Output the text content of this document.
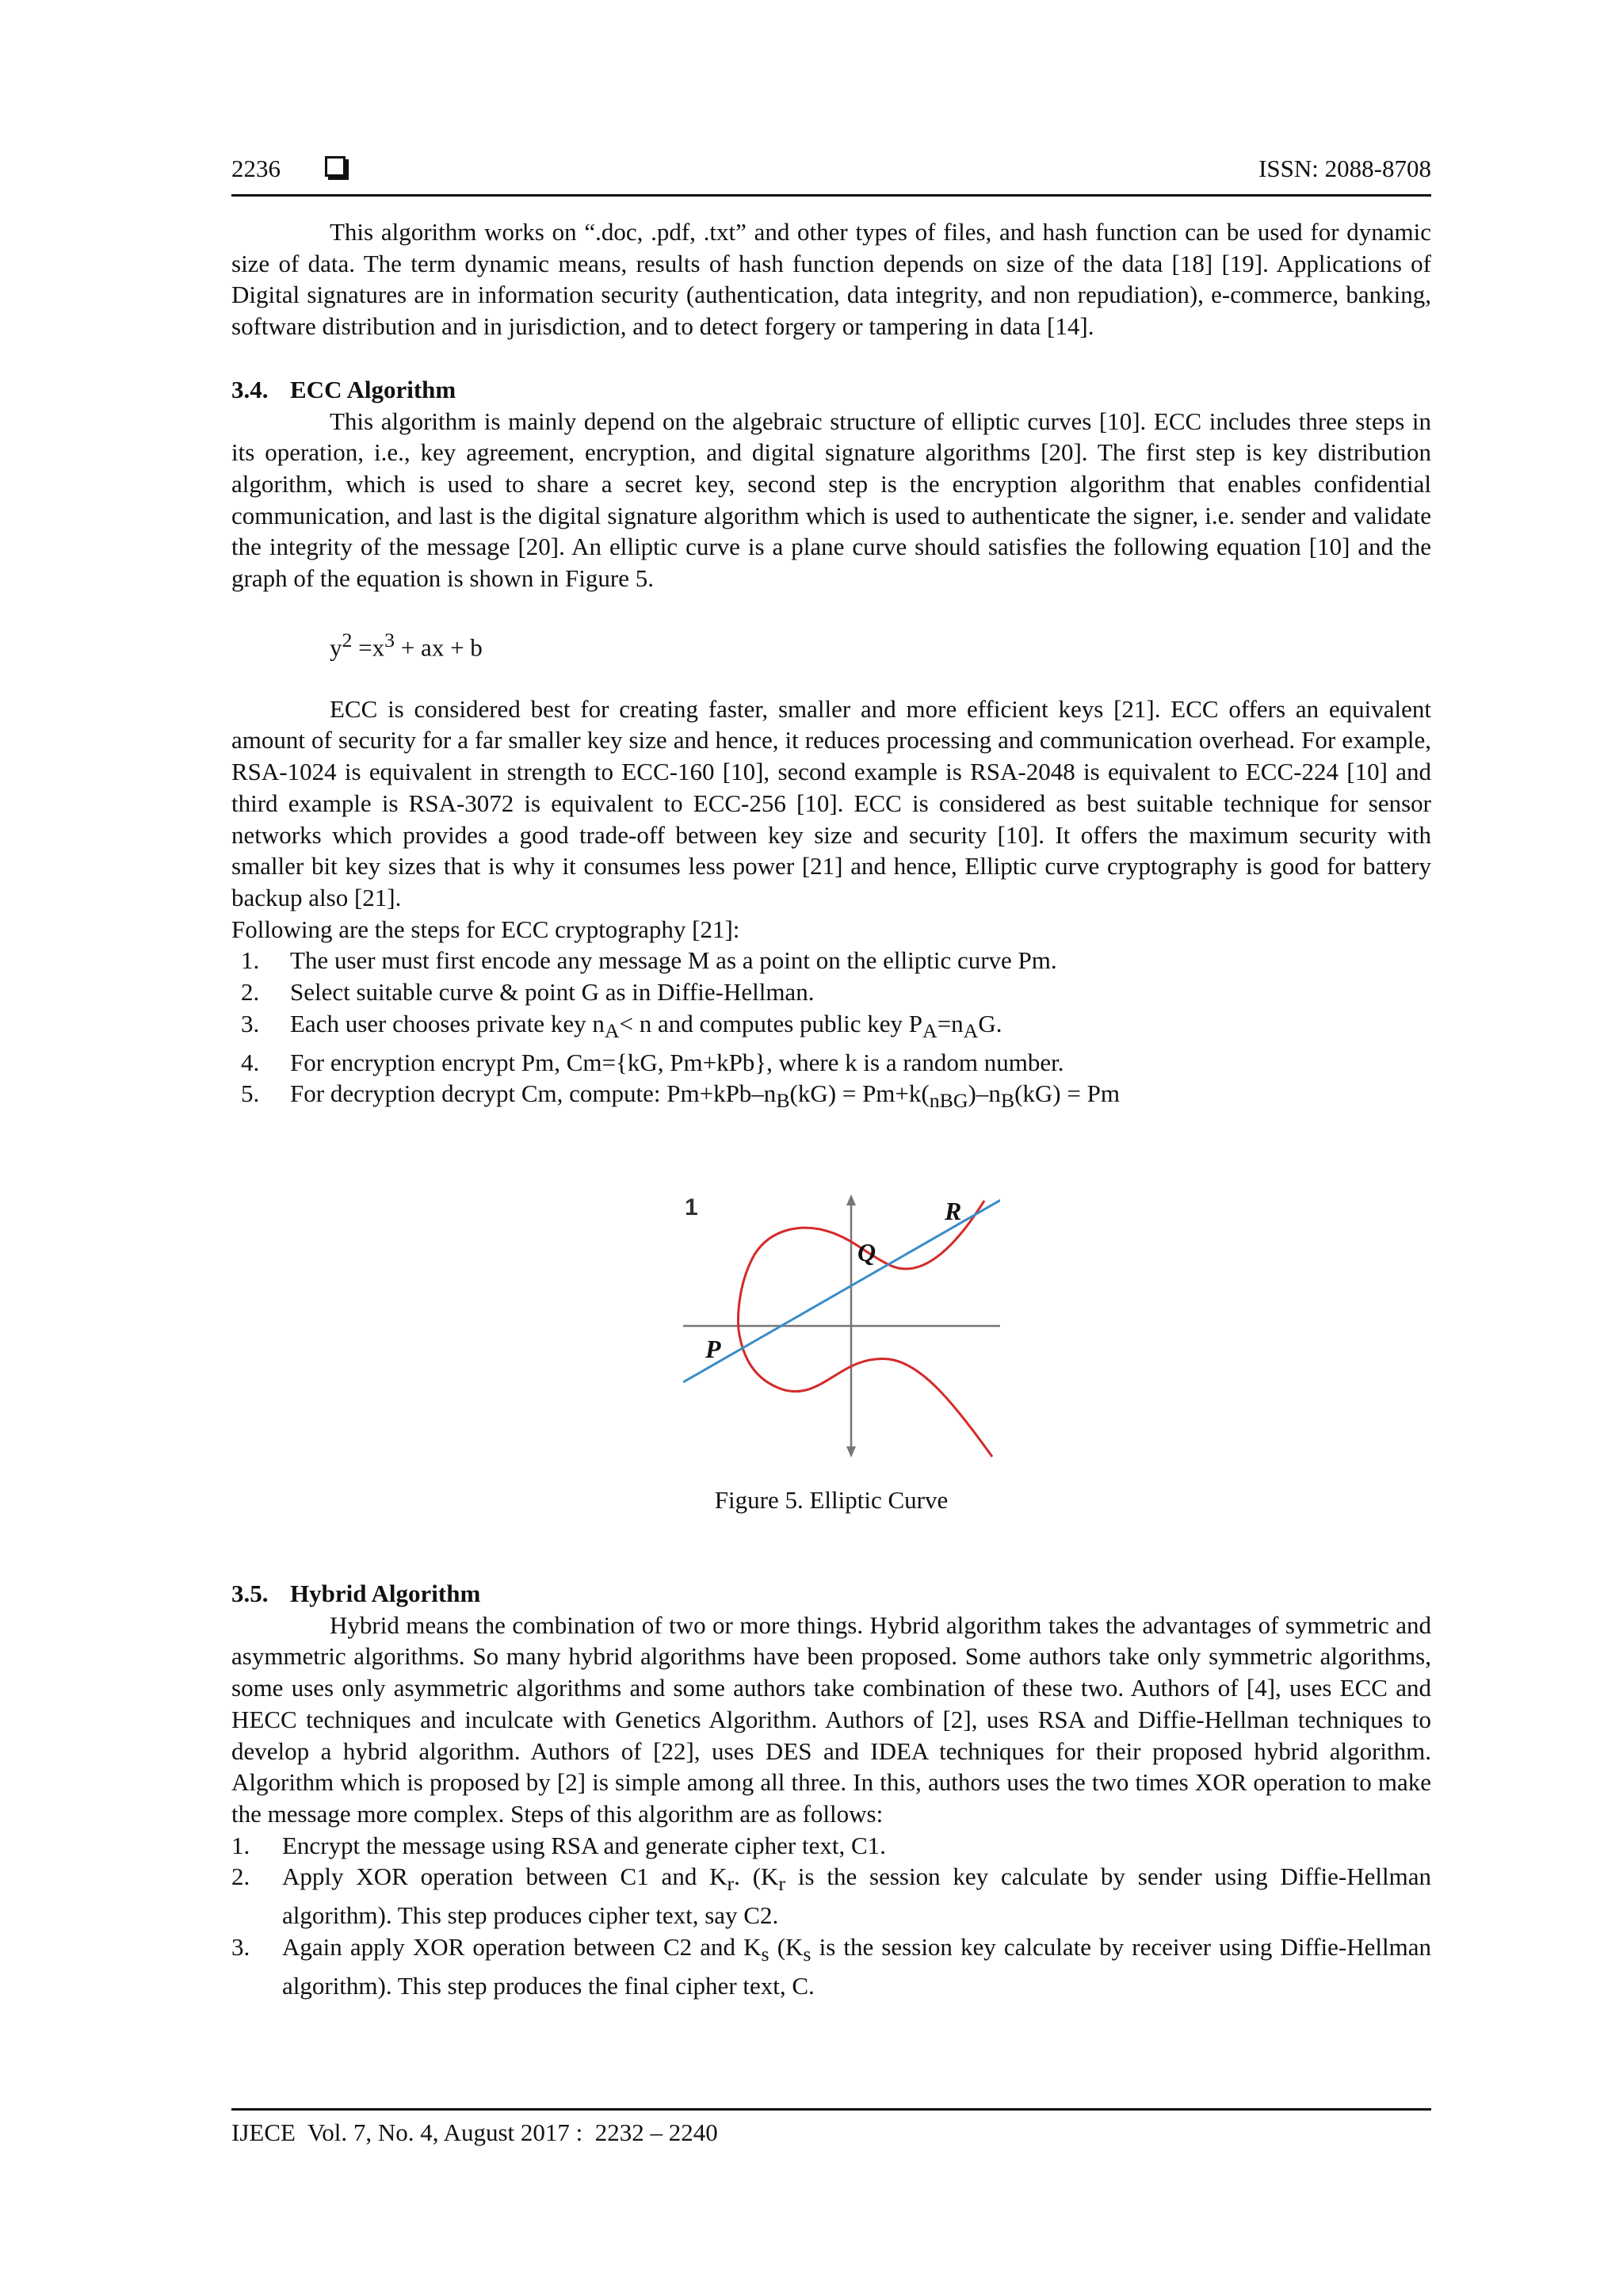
2236	ISSN: 2088-8708

This algorithm works on “.doc, .pdf, .txt” and other types of files, and hash function can be used for dynamic size of data. The term dynamic means, results of hash function depends on size of the data [18] [19]. Applications of Digital signatures are in information security (authentication, data integrity, and non repudiation), e-commerce, banking, software distribution and in jurisdiction, and to detect forgery or tampering in data [14].

3.4. ECC Algorithm

This algorithm is mainly depend on the algebraic structure of elliptic curves [10]. ECC includes three steps in its operation, i.e., key agreement, encryption, and digital signature algorithms [20]. The first step is key distribution algorithm, which is used to share a secret key, second step is the encryption algorithm that enables confidential communication, and last is the digital signature algorithm which is used to authenticate the signer, i.e. sender and validate the integrity of the message [20]. An elliptic curve is a plane curve should satisfies the following equation [10] and the graph of the equation is shown in Figure 5.

$y^2 =x^3$ + ax + b

ECC is considered best for creating faster, smaller and more efficient keys [21]. ECC offers an equivalent amount of security for a far smaller key size and hence, it reduces processing and communication overhead. For example, RSA-1024 is equivalent in strength to ECC-160 [10], second example is RSA-2048 is equivalent to ECC-224 [10] and third example is RSA-3072 is equivalent to ECC-256 [10]. ECC is considered as best suitable technique for sensor networks which provides a good trade-off between key size and security [10]. It offers the maximum security with smaller bit key sizes that is why it consumes less power [21] and hence, Elliptic curve cryptography is good for battery backup also [21].

Following are the steps for ECC cryptography [21]:

1. The user must first encode any message M as a point on the elliptic curve Pm.
2. Select suitable curve & point G as in Diffie-Hellman.
3. Each user chooses private key $n_A< n$ and computes public key $P_A=n_AG$.
4. For encryption encrypt Pm, Cm={kG, Pm+kPb}, where k is a random number.
5. For decryption decrypt Cm, compute: $Pm+kPb-n_B(kG) = Pm+k(_{nBG})-n_B(kG) = Pm$
1	R
Q
P

Figure 5. Elliptic Curve

3.5. Hybrid Algorithm

Hybrid means the combination of two or more things. Hybrid algorithm takes the advantages of symmetric and asymmetric algorithms. So many hybrid algorithms have been proposed. Some authors take only symmetric algorithms, some uses only asymmetric algorithms and some authors take combination of these two. Authors of [4], uses ECC and HECC techniques and inculcate with Genetics Algorithm. Authors of [2], uses RSA and Diffie-Hellman techniques to develop a hybrid algorithm. Authors of [22], uses DES and IDEA techniques for their proposed hybrid algorithm. Algorithm which is proposed by [2] is simple among all three. In this, authors uses the two times XOR operation to make the message more complex. Steps of this algorithm are as follows:

1. Encrypt the message using RSA and generate cipher text, C1.
2. Apply XOR operation between C1 and $K_r$. ($K_r$ is the session key calculate by sender using Diffie-Hellman algorithm). This step produces cipher text, say C2.
3. Again apply XOR operation between C2 and $K_s$ ($K_s$ is the session key calculate by receiver using Diffie-Hellman algorithm). This step produces the final cipher text, C.
IJECE  Vol. 7, No. 4, August 2017 :  2232 – 2240
